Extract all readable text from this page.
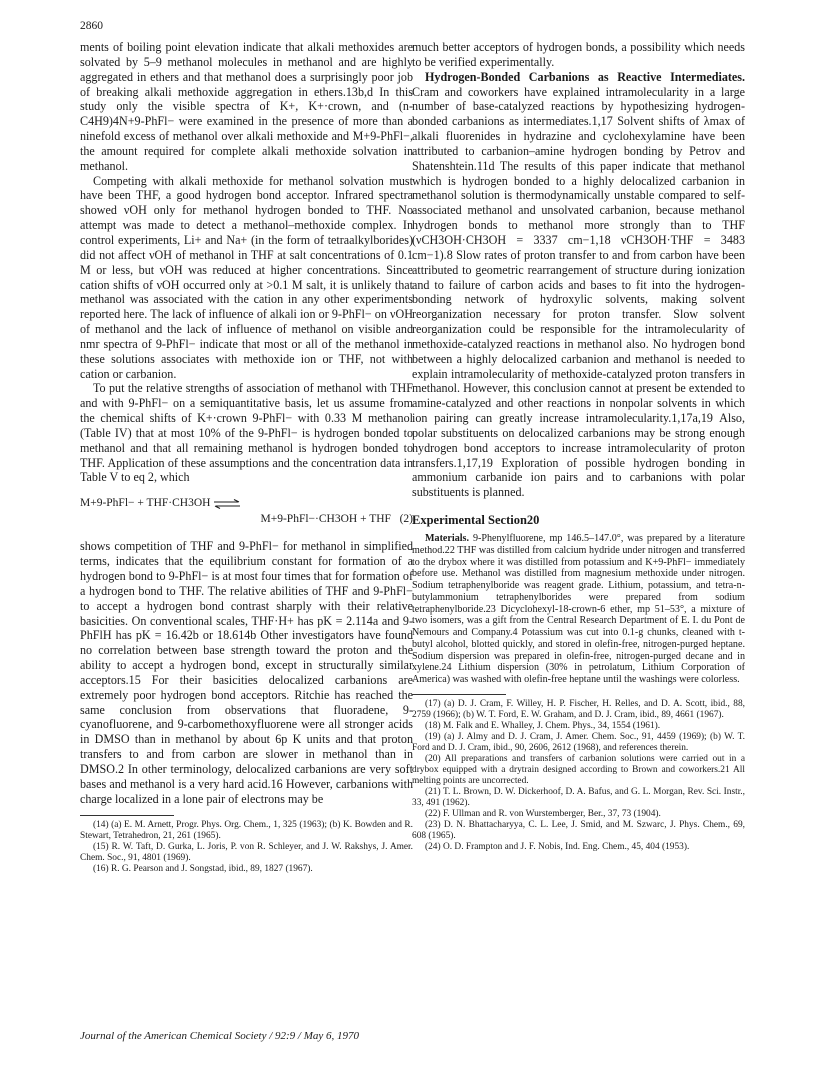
2860

ments of boiling point elevation indicate that alkali methoxides are solvated by 5–9 methanol molecules in methanol and are highly aggregated in ethers and that methanol does a surprisingly poor job of breaking alkali methoxide aggregation in ethers.13b,d In this study only the visible spectra of K+, K+·crown, and (n-C4H9)4N+9-PhFl− were examined in the presence of more than a ninefold excess of methanol over alkali methoxide and M+9-PhFl−, the amount required for complete alkali methoxide solvation in methanol.

Competing with alkali methoxide for methanol solvation must have been THF, a good hydrogen bond acceptor. Infrared spectra showed νOH only for methanol hydrogen bonded to THF. No attempt was made to detect a methanol–methoxide complex. In control experiments, Li+ and Na+ (in the form of tetraalkylborides) did not affect νOH of methanol in THF at salt concentrations of 0.1 M or less, but νOH was reduced at higher concentrations. Since cation shifts of νOH occurred only at >0.1 M salt, it is unlikely that methanol was associated with the cation in any other experiments reported here. The lack of influence of alkali ion or 9-PhFl− on νOH of methanol and the lack of influence of methanol on visible and nmr spectra of 9-PhFl− indicate that most or all of the methanol in these solutions associates with methoxide ion or THF, not with cation or carbanion.

To put the relative strengths of association of methanol with THF and with 9-PhFl− on a semiquantitative basis, let us assume from the chemical shifts of K+·crown 9-PhFl− with 0.33 M methanol (Table IV) that at most 10% of the 9-PhFl− is hydrogen bonded to methanol and that all remaining methanol is hydrogen bonded to THF. Application of these assumptions and the concentration data in Table V to eq 2, which

M+9-PhFl− + THF·CH3OH ⇌
M+9-PhFl−·CH3OH + THF (2)

shows competition of THF and 9-PhFl− for methanol in simplified terms, indicates that the equilibrium constant for formation of a hydrogen bond to 9-PhFl− is at most four times that for formation of a hydrogen bond to THF. The relative abilities of THF and 9-PhFl− to accept a hydrogen bond contrast sharply with their relative basicities. On conventional scales, THF·H+ has pK = 2.114a and 9-PhFlH has pK = 16.42b or 18.614b Other investigators have found no correlation between base strength toward the proton and the ability to accept a hydrogen bond, except in structurally similar acceptors.15 For their basicities delocalized carbanions are extremely poor hydrogen bond acceptors. Ritchie has reached the same conclusion from observations that fluoradene, 9-cyanofluorene, and 9-carbomethoxyfluorene were all stronger acids in DMSO than in methanol by about 6p K units and that proton transfers to and from carbon are slower in methanol than in DMSO.2 In other terminology, delocalized carbanions are very soft bases and methanol is a very hard acid.16 However, carbanions with charge localized in a lone pair of electrons may be

(14) (a) E. M. Arnett, Progr. Phys. Org. Chem., 1, 325 (1963); (b) K. Bowden and R. Stewart, Tetrahedron, 21, 261 (1965).

(15) R. W. Taft, D. Gurka, L. Joris, P. von R. Schleyer, and J. W. Rakshys, J. Amer. Chem. Soc., 91, 4801 (1969).

(16) R. G. Pearson and J. Songstad, ibid., 89, 1827 (1967).

much better acceptors of hydrogen bonds, a possibility which needs to be verified experimentally.

Hydrogen-Bonded Carbanions as Reactive Intermediates. Cram and coworkers have explained intramolecularity in a large number of base-catalyzed reactions by hypothesizing hydrogen-bonded carbanions as intermediates.1,17 Solvent shifts of λmax of alkali fluorenides in hydrazine and cyclohexylamine have been attributed to carbanion–amine hydrogen bonding by Petrov and Shatenshtein.11d The results of this paper indicate that methanol which is hydrogen bonded to a highly delocalized carbanion in methanol solution is thermodynamically unstable compared to self-associated methanol and unsolvated carbanion, because methanol hydrogen bonds to methanol more strongly than to THF (νCH3OH·CH3OH = 3337 cm−1,18 νCH3OH·THF = 3483 cm−1).8 Slow rates of proton transfer to and from carbon have been attributed to geometric rearrangement of structure during ionization and to failure of carbon acids and bases to fit into the hydrogen-bonding network of hydroxylic solvents, making solvent reorganization necessary for proton transfer. Slow solvent reorganization could be responsible for the intramolecularity of methoxide-catalyzed reactions in methanol also. No hydrogen bond between a highly delocalized carbanion and methanol is needed to explain intramolecularity of methoxide-catalyzed proton transfers in methanol. However, this conclusion cannot at present be extended to amine-catalyzed and other reactions in nonpolar solvents in which ion pairing can greatly increase intramolecularity.1,17a,19 Also, polar substituents on delocalized carbanions may be strong enough hydrogen bond acceptors to increase intramolecularity of proton transfers.1,17,19 Exploration of possible hydrogen bonding in ammonium carbanide ion pairs and to carbanions with polar substituents is planned.

Experimental Section20

Materials. 9-Phenylfluorene, mp 146.5–147.0°, was prepared by a literature method.22 THF was distilled from calcium hydride under nitrogen and transferred to the drybox where it was distilled from potassium and K+9-PhFl− immediately before use. Methanol was distilled from magnesium methoxide under nitrogen. Sodium tetraphenylboride was reagent grade. Lithium, potassium, and tetra-n-butylammonium tetraphenylborides were prepared from sodium tetraphenylboride.23 Dicyclohexyl-18-crown-6 ether, mp 51–53°, a mixture of two isomers, was a gift from the Central Research Department of E. I. du Pont de Nemours and Company.4 Potassium was cut into 0.1-g chunks, cleaned with t-butyl alcohol, blotted quickly, and stored in olefin-free, nitrogen-purged heptane. Sodium dispersion was prepared in olefin-free, nitrogen-purged decane and in xylene.24 Lithium dispersion (30% in petrolatum, Lithium Corporation of America) was washed with olefin-free heptane until the washings were colorless.

(17) (a) D. J. Cram, F. Willey, H. P. Fischer, H. Relles, and D. A. Scott, ibid., 88, 2759 (1966); (b) W. T. Ford, E. W. Graham, and D. J. Cram, ibid., 89, 4661 (1967).

(18) M. Falk and E. Whalley, J. Chem. Phys., 34, 1554 (1961).

(19) (a) J. Almy and D. J. Cram, J. Amer. Chem. Soc., 91, 4459 (1969); (b) W. T. Ford and D. J. Cram, ibid., 90, 2606, 2612 (1968), and references therein.

(20) All preparations and transfers of carbanion solutions were carried out in a drybox equipped with a drytrain designed according to Brown and coworkers.21 All melting points are uncorrected.

(21) T. L. Brown, D. W. Dickerhoof, D. A. Bafus, and G. L. Morgan, Rev. Sci. Instr., 33, 491 (1962).

(22) F. Ullman and R. von Wurstemberger, Ber., 37, 73 (1904).

(23) D. N. Bhattacharyya, C. L. Lee, J. Smid, and M. Szwarc, J. Phys. Chem., 69, 608 (1965).

(24) O. D. Frampton and J. F. Nobis, Ind. Eng. Chem., 45, 404 (1953).

Journal of the American Chemical Society / 92:9 / May 6, 1970
